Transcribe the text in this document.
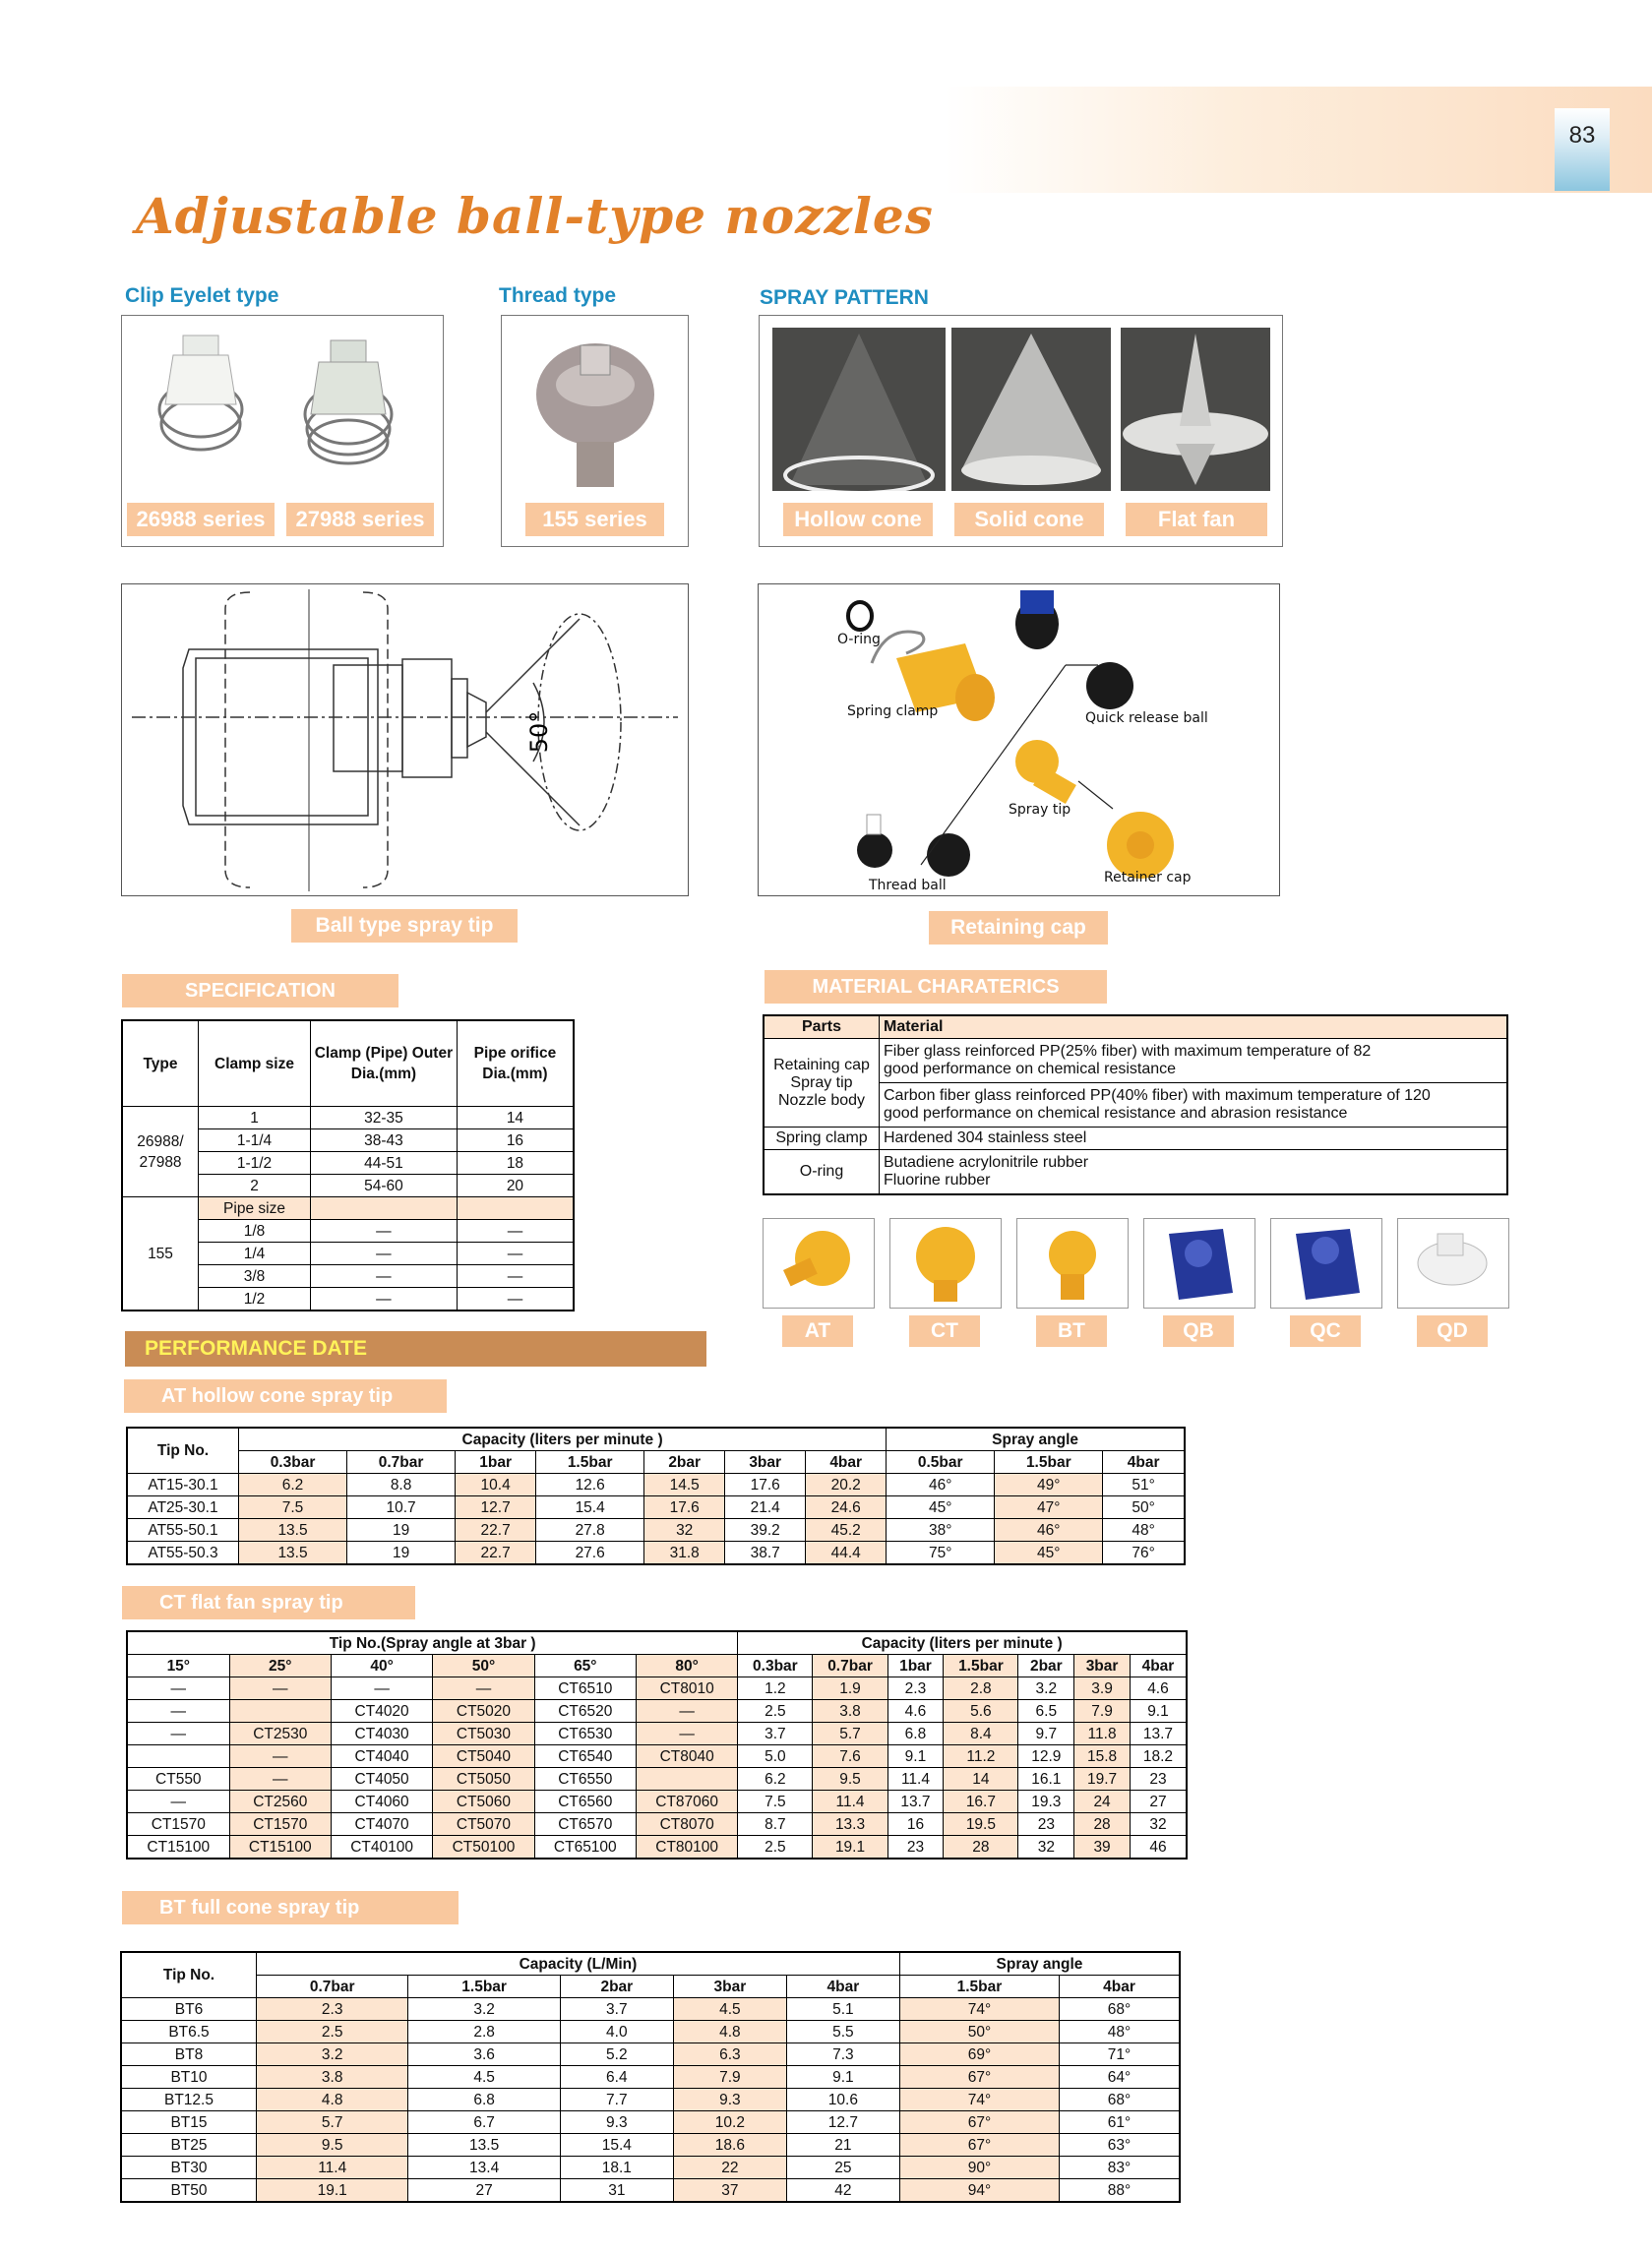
83
Adjustable ball-type nozzles
Clip Eyelet type
26988 series	27988 series
Thread type
155 series
SPRAY PATTERN
Hollow cone	Solid cone	Flat fan
50°
Ball type spray tip
O-ring
Spring clamp	Quick release ball
Spray tip
Thread ball	Retainer cap
Retaining cap
SPECIFICATION
Type	Clamp size	Clamp (Pipe) Outer Dia.(mm)	Pipe orifice Dia.(mm)
26988/ 27988	1	32-35	14
	1-1/4	38-43	16
	1-1/2	44-51	18
	2	54-60	20
155	Pipe size		
	1/8	—	—
	1/4	—	—
	3/8	—	—
	1/2	—	—
MATERIAL CHARATERICS
Parts	Material
Retaining cap Spray tip Nozzle body	Fiber glass reinforced PP(25% fiber) with maximum temperature of 82
good performance on chemical resistance

	Carbon fiber glass reinforced PP(40% fiber) with maximum temperature of 120
good performance on chemical resistance and abrasion resistance

Spring clamp	Hardened 304 stainless steel
O-ring	Butadiene acrylonitrile rubber
Fluorine rubber
AT	CT	BT	QB	QC	QD
PERFORMANCE DATE
AT hollow cone spray tip
Tip No.	Capacity (liters per minute )							Spray angle		
	0.3bar	0.7bar	1bar	1.5bar	2bar	3bar	4bar	0.5bar	1.5bar	4bar
AT15-30.1	6.2	8.8	10.4	12.6	14.5	17.6	20.2	46°	49°	51°
AT25-30.1	7.5	10.7	12.7	15.4	17.6	21.4	24.6	45°	47°	50°
AT55-50.1	13.5	19	22.7	27.8	32	39.2	45.2	38°	46°	48°
AT55-50.3	13.5	19	22.7	27.6	31.8	38.7	44.4	75°	45°	76°
CT flat fan spray tip
Tip No.(Spray angle at 3bar )						Capacity (liters per minute )						
15°	25°	40°	50°	65°	80°	0.3bar	0.7bar	1bar	1.5bar	2bar	3bar	4bar
—	—	—	—	CT6510	CT8010	1.2	1.9	2.3	2.8	3.2	3.9	4.6
—		CT4020	CT5020	CT6520	—	2.5	3.8	4.6	5.6	6.5	7.9	9.1
—	CT2530	CT4030	CT5030	CT6530	—	3.7	5.7	6.8	8.4	9.7	11.8	13.7
	—	CT4040	CT5040	CT6540	CT8040	5.0	7.6	9.1	11.2	12.9	15.8	18.2
CT550	—	CT4050	CT5050	CT6550		6.2	9.5	11.4	14	16.1	19.7	23
—	CT2560	CT4060	CT5060	CT6560	CT87060	7.5	11.4	13.7	16.7	19.3	24	27
CT1570	CT1570	CT4070	CT5070	CT6570	CT8070	8.7	13.3	16	19.5	23	28	32
CT15100	CT15100	CT40100	CT50100	CT65100	CT80100	2.5	19.1	23	28	32	39	46
BT full cone spray tip
Tip No.	Capacity (L/Min)					Spray angle	
	0.7bar	1.5bar	2bar	3bar	4bar	1.5bar	4bar
BT6	2.3	3.2	3.7	4.5	5.1	74°	68°
BT6.5	2.5	2.8	4.0	4.8	5.5	50°	48°
BT8	3.2	3.6	5.2	6.3	7.3	69°	71°
BT10	3.8	4.5	6.4	7.9	9.1	67°	64°
BT12.5	4.8	6.8	7.7	9.3	10.6	74°	68°
BT15	5.7	6.7	9.3	10.2	12.7	67°	61°
BT25	9.5	13.5	15.4	18.6	21	67°	63°
BT30	11.4	13.4	18.1	22	25	90°	83°
BT50	19.1	27	31	37	42	94°	88°
